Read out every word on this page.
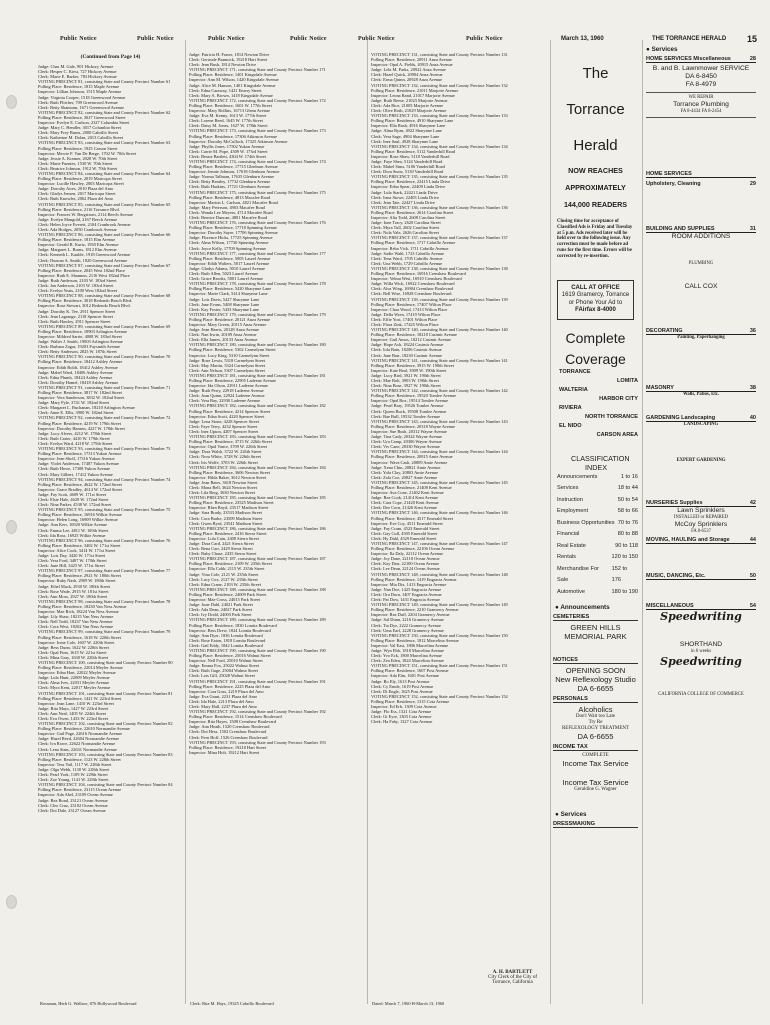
Public Notice	Public Notice	Public Notice	Public Notice	Public Notice	Public Notice	March 13, 1960	THE TORRANCE HERALD 15
(Continued from Page 14)
Judge: Chas M. Gale, 901 Hickory Avenue
Clerk: Hesper C. Kiest, 727 Hickory Avenue
Clerk: Marie E. Barker, 783 Hickory Avenue
VOTING PRECINCT 81, consisting State and County Precinct Number 61
Polling Place: Residence, 1815 Maple Avenue
Inspector: Lillian Johnson, 1515 Maple Avenue
Judge: Virginia Cooper, 1518 Greenwood Avenue
Clerk: Ruth Flitcher, 709 Greenwood Avenue
Clerk: Betty Shantonn, 1671 Greenwood Avenue
VOTING PRECINCT 82, consisting State and County Precinct Number 62
Polling Place: Residence, 3027 Greenwood Street
Inspector: Evelyn E. Carlson, 2327 Columbia Street
Judge: Mary C. Hendler, 3017 Columbia Street
Clerk: Mary Frey Burns, 2000 Cabrillo Street
Clerk: Katherine M. Dolan, 2013 Cabrillo Street
VOTING PRECINCT 83, consisting State and County Precinct Number 63
Polling Place: Residence, 1925 Carson Street
Inspector: Mercie F. Van De Berge, 1702 W. 70th Street
Judge: Jessie A. Kramer, 2028 W. 70th Street
Clerk: Marie Fuentes, 1530 W. 70th Street
Clerk: Beatrice Johnson, 1912 W. 70th Street
VOTING PRECINCT 84, consisting State and County Precinct Number 64
Polling Place: Residence, 2019 Maricopa Street
Inspector: Lucille Hawley, 2003 Maricopa Street
Judge: Dorothy Aires, 2010 Plaza del Amo
Clerk: Gladys Jensen, 2017 Maricopa Street
Clerk: Ruth Knowles, 2062 Plaza del Amo
VOTING PRECINCT 85, consisting State and County Precinct Number 65
Polling Place: Residence, 2116 Torrance Blvd.
Inspector: Frances W. Bergstrom, 2114 Beech Avenue
Judge: Evelyn Mangold, 2167 Beech Avenue
Clerk: Helen Joyce Everett, 2104 Cranbrook Avenue
Clerk: Ada Hodges, 2050 Cranbrook Avenue
VOTING PRECINCT 86, consisting State and County Precinct Number 66
Polling Place: Residence, 1815 Elm Avenue
Inspector: Gerald R. Kurtz, 1930 Elm Avenue
Judge: Margaret L. Burns, 1812 Elm Avenue
Clerk: Kenneth L. Kauble, 1918 Greenwood Avenue
Clerk: Duncan A. Smith, 1820 Greenwood Avenue
VOTING PRECINCT 87, consisting State and County Precinct Number 67
Polling Place: Residence, 2045 West 182nd Place
Inspector: Ruth E. Shannon, 2116 West 182nd Place
Judge: Ruth Anderson, 2103 W. 183rd Street
Clerk: Jan Anderson, 2103 W. 183rd Street
Clerk: Evelyn Yeats, 2100 West 182nd Street
VOTING PRECINCT 88, consisting State and County Precinct Number 68
Polling Place: Residence, 3018 Redondo Beach Blvd.
Inspector: Rose Stewart, 3012 Redondo Beach Blvd.
Judge: Dorothy K. Tee, 2911 Spencer Street
Clerk: Jean Lagrange, 2118 Spencer Street
Clerk: Ruth Hawley, 2911 Spencer Street
VOTING PRECINCT 89, consisting State and County Precinct Number 69
Polling Place: Residence, 18903 Arlington Avenue
Inspector: Mildred Sarrie, 4008 W. 183rd Street
Judge: Walter J. Smith, 19003 Arlington Avenue
Clerk: Barbara Zagar, 19203 Faysmith Avenue
Clerk: Betty Anderson, 2825 W. 187th Street
VOTING PRECINCT 90, consisting State and County Precinct Number 70
Polling Place: Residence, 18412 Ashley Avenue
Inspector: Edith Boldt, 18412 Ashley Avenue
Judge: Mabel Ward, 18406 Ashley Avenue
Clerk: Edna Plumb, 18424 Ashley Avenue
Clerk: Dorothy Hamel, 18418 Ashley Avenue
VOTING PRECINCT 91, consisting State and County Precinct Number 71
Polling Place: Residence, 3817 W. 182nd Street
Inspector: Vera Sanderson, 3832 W. 182nd Street
Judge: Mary Pyle, 3741 W. 182nd Street
Clerk: Margaret L. Buchanan, 18210 Arlington Avenue
Clerk: Anne E. Ellis, 3900 W. 182nd Street
VOTING PRECINCT 92, consisting State and County Precinct Number 72
Polling Place: Residence, 4219 W. 179th Street
Inspector: Dorothy Hansen, 4227 W. 178th Street
Judge: Lucy Alvers, 4212 W. 178th Street
Clerk: Ruth Carter, 4410 W. 179th Street
Clerk: Evelyn Ward, 4218 W. 179th Street
VOTING PRECINCT 93, consisting State and County Precinct Number 73
Polling Place: Residence, 17313 Yukon Avenue
Inspector: Jean Sholl, 17316 Yukon Avenue
Judge: Violet Anderson, 17407 Yukon Avenue
Clerk: Ruth Howe, 17308 Yukon Avenue
Clerk: Mary Gilbert, 17412 Yukon Avenue
VOTING PRECINCT 94, consisting State and County Precinct Number 74
Polling Place: Residence, 4622 W. 172nd Street
Inspector: Grace Bradley, 4614 W. 172nd Street
Judge: Fay Scott, 4609 W. 171st Street
Clerk: Elsie Hale, 4629 W. 172nd Street
Clerk: Nina Parker, 4538 W. 172nd Street
VOTING PRECINCT 95, consisting State and County Precinct Number 75
Polling Place: Residence, 16916 Wilkie Avenue
Inspector: Helen Long, 16909 Wilkie Avenue
Judge: Ann Kerr, 16920 Wilkie Avenue
Clerk: Emma Lee, 4811 W. 169th Street
Clerk: Ida Ross, 16925 Wilkie Avenue
VOTING PRECINCT 96, consisting State and County Precinct Number 76
Polling Place: Residence, 3402 W. 171st Street
Inspector: Alice Cook, 3414 W. 171st Street
Judge: Lois Day, 3420 W. 171st Street
Clerk: Vera Ford, 3407 W. 170th Street
Clerk: June Hill, 3425 W. 171st Street
VOTING PRECINCT 97, consisting State and County Precinct Number 77
Polling Place: Residence, 2921 W. 180th Street
Inspector: Ruby Nash, 2909 W. 180th Street
Judge: Ethel Mack, 2930 W. 180th Street
Clerk: Rose Wade, 2915 W. 181st Street
Clerk: Ann Moss, 2927 W. 180th Street
VOTING PRECINCT 98, consisting State and County Precinct Number 78
Polling Place: Residence, 18230 Van Ness Avenue
Inspector: Mae Rich, 18224 Van Ness Avenue
Judge: Lily Shaw, 18215 Van Ness Avenue
Clerk: Nell Todd, 18237 Van Ness Avenue
Clerk: Cora West, 18202 Van Ness Avenue
VOTING PRECINCT 99, consisting State and County Precinct Number 79
Polling Place: Residence, 1618 W. 220th Street
Inspector: Irene Cole, 1607 W. 220th Street
Judge: Bess Dunn, 1622 W. 220th Street
Clerk: Opal Finn, 1615 W. 221st Street
Clerk: Mina Gray, 1630 W. 220th Street
VOTING PRECINCT 100, consisting State and County Precinct Number 80
Polling Place: Residence, 22014 Meyler Avenue
Inspector: Edna Hart, 22022 Meyler Avenue
Judge: Lula Hunt, 22009 Meyler Avenue
Clerk: Alma Ives, 22031 Meyler Avenue
Clerk: Myra Kent, 22017 Meyler Avenue
VOTING PRECINCT 101, consisting State and County Precinct Number 81
Polling Place: Residence, 1421 W. 223rd Street
Inspector: Jean Lane, 1410 W. 223rd Street
Judge: Rita Mays, 1427 W. 223rd Street
Clerk: Ann Neal, 1405 W. 224th Street
Clerk: Eva Owen, 1433 W. 223rd Street
VOTING PRECINCT 102, consisting State and County Precinct Number 82
Polling Place: Residence, 22610 Normandie Avenue
Inspector: Gail Page, 22616 Normandie Avenue
Judge: Hazel Reed, 22604 Normandie Avenue
Clerk: Iva Rowe, 22622 Normandie Avenue
Clerk: Lena Sims, 22631 Normandie Avenue
VOTING PRECINCT 103, consisting State and County Precinct Number 83
Polling Place: Residence, 1123 W. 228th Street
Inspector: Tess Vail, 1117 W. 228th Street
Judge: Olga Webb, 1130 W. 228th Street
Clerk: Pearl York, 1109 W. 229th Street
Clerk: Zoe Young, 1141 W. 228th Street
VOTING PRECINCT 104, consisting State and County Precinct Number 84
Polling Place: Residence, 23115 Ocean Avenue
Inspector: Ada Abel, 23109 Ocean Avenue
Judge: Bea Bond, 23121 Ocean Avenue
Clerk: Cleo Cruz, 23102 Ocean Avenue
Clerk: Dot Dale, 23127 Ocean Avenue
Rossman, Herb G. Wallace, 876 Hollywood Boulevard
Judge: Patricia H. Fraser, 1814 Newton Drive
Clerk: Gertrude Brannick, 19218 Hart Street
Clerk: Jean Bush, 1814 Newton Drive
VOTING PRECINCT 171, consisting State and County Precinct Number 171
Polling Place: Residence, 1401 Kingsdale Avenue
Inspector: Ann M. Wilson, 1420 Kingsdale Avenue
Judge: Alice M. Hanson, 1401 Kingsdale Avenue
Clerk: Edna Caraway, 1421 Emery Street
Clerk: Mary A. Brown, 1418 Kingsdale Avenue
VOTING PRECINCT 172, consisting State and County Precinct Number 172
Polling Place: Residence, 1601 W. 177th Street
Inspector: Mary Rollins, 16713 Glenn Avenue
Judge: Eva M. Kenny, 1613 W. 177th Street
Clerk: Lorene Reed, 1645 W. 177th Street
Clerk: Daisy M. Jones, 1627 W. 178th Street
VOTING PRECINCT 173, consisting State and County Precinct Number 173
Polling Place: Residence, 17306 Atkinson Avenue
Inspector: Dorothy McCulloch, 17325 Atkinson Avenue
Judge: Phyllis Jones, 17502 Yukon Avenue
Clerk: Carrie M. Pope, 4309 W. 173rd Street
Clerk: Bessie Bartlett, 4304 W. 174th Street
VOTING PRECINCT 174, consisting State and County Precinct Number 174
Polling Place: Residence, 17715 Glenburn Avenue
Inspector: Jennie Johnson, 17618 Glenburn Avenue
Judge: Norma Tallman, 17635 Glenburn Avenue
Clerk: Betty Bentley, 17732 Glenburn Avenue
Clerk: Ruth Haskins, 17721 Glenburn Avenue
VOTING PRECINCT 175, consisting State and County Precinct Number 175
Polling Place: Residence, 4813 Macafee Road
Inspector: Marion L. Carlson, 4821 Macafee Road
Judge: Mary Peterson, 4903 Macafee Road
Clerk: Wanda Lee Meyers, 4714 Macafee Road
Clerk: Bernice Duncan, 4801 Macafee Road
VOTING PRECINCT 176, consisting State and County Precinct Number 176
Polling Place: Residence, 17718 Spinning Avenue
Inspector: Dorothy Sayre, 17706 Spinning Avenue
Judge: Florence Hicks, 17725 Spinning Avenue
Clerk: Alma Wilson, 17730 Spinning Avenue
Clerk: Joyce Kelly, 17709 Spinning Avenue
VOTING PRECINCT 177, consisting State and County Precinct Number 177
Polling Place: Residence, 5005 Laurel Avenue
Inspector: Edith Walters, 5017 Laurel Avenue
Judge: Gladys Adams, 5010 Laurel Avenue
Clerk: Ruth Allen, 5023 Laurel Avenue
Clerk: Grace Brooks, 5001 Laurel Avenue
VOTING PRECINCT 178, consisting State and County Precinct Number 178
Polling Place: Residence, 5420 Sharynne Lane
Inspector: Marie Clark, 5414 Sharynne Lane
Judge: Lois Davis, 5427 Sharynne Lane
Clerk: Jane Evans, 5408 Sharynne Lane
Clerk: Kay Foster, 5433 Sharynne Lane
VOTING PRECINCT 179, consisting State and County Precinct Number 179
Polling Place: Residence, 20121 Anza Avenue
Inspector: Mary Green, 20115 Anza Avenue
Judge: Jean Harris, 20128 Anza Avenue
Clerk: Nan Irwin, 20109 Anza Avenue
Clerk: Ella James, 20133 Anza Avenue
VOTING PRECINCT 180, consisting State and County Precinct Number 180
Polling Place: Residence, 5302 Carmelynn Street
Inspector: Lucy King, 5310 Carmelynn Street
Judge: Rose Lewis, 5318 Carmelynn Street
Clerk: May Martin, 5324 Carmelynn Street
Clerk: Ann Nelson, 5307 Carmelynn Street
VOTING PRECINCT 181, consisting State and County Precinct Number 181
Polling Place: Residence, 22905 Ladeene Avenue
Inspector: Ida Olson, 22911 Ladeene Avenue
Judge: Ruth Perry, 22918 Ladeene Avenue
Clerk: Joan Quinn, 22924 Ladeene Avenue
Clerk: Vera Ray, 22930 Ladeene Avenue
VOTING PRECINCT 182, consisting State and County Precinct Number 182
Polling Place: Residence, 4214 Spencer Street
Inspector: Edna Scott, 4220 Spencer Street
Judge: Lena Stone, 4228 Spencer Street
Clerk: Faye Terry, 4232 Spencer Street
Clerk: Inez Upton, 4207 Spencer Street
VOTING PRECINCT 183, consisting State and County Precinct Number 183
Polling Place: Residence, 3715 W. 226th Street
Inspector: Opal Vance, 3709 W. 226th Street
Judge: Dora Walsh, 3722 W. 226th Street
Clerk: Nora White, 3728 W. 226th Street
Clerk: Iris Wolfe, 3703 W. 226th Street
VOTING PRECINCT 184, consisting State and County Precinct Number 184
Polling Place: Residence, 3606 Newton Street
Inspector: Hilda Baker, 3612 Newton Street
Judge: Jean Bates, 3618 Newton Street
Clerk: Mona Bell, 3624 Newton Street
Clerk: Lila Berg, 3630 Newton Street
VOTING PRECINCT 185, consisting State and County Precinct Number 185
Polling Place: Residence, 23525 Madison Street
Inspector: Rhea Boyd, 23517 Madison Street
Judge: Sara Brady, 23533 Madison Street
Clerk: Cora Burke, 23509 Madison Street
Clerk: Gwen Byrd, 23541 Madison Street
VOTING PRECINCT 186, consisting State and County Precinct Number 186
Polling Place: Residence, 2416 Sierra Street
Inspector: Lola Cain, 2408 Sierra Street
Judge: Dora Card, 2421 Sierra Street
Clerk: Rena Carr, 2429 Sierra Street
Clerk: Ruby Chase, 2435 Sierra Street
VOTING PRECINCT 187, consisting State and County Precinct Number 187
Polling Place: Residence, 2109 W. 235th Street
Inspector: Ella Cobb, 2115 W. 235th Street
Judge: Vina Cole, 2121 W. 235th Street
Clerk: Lucy Cox, 2127 W. 235th Street
Clerk: Edna Crane, 2103 W. 235th Street
VOTING PRECINCT 188, consisting State and County Precinct Number 188
Polling Place: Residence, 24009 Park Street
Inspector: Mae Cross, 24015 Park Street
Judge: June Dahl, 24021 Park Street
Clerk: Ada Dean, 24027 Park Street
Clerk: Ivy Dodd, 24003 Park Street
VOTING PRECINCT 189, consisting State and County Precinct Number 189
Polling Place: Residence, 1830 Lomita Boulevard
Inspector: Bess Drew, 1824 Lomita Boulevard
Judge: Ann Dyer, 1836 Lomita Boulevard
Clerk: Rose Eaton, 1818 Lomita Boulevard
Clerk: Gail Eddy, 1842 Lomita Boulevard
VOTING PRECINCT 190, consisting State and County Precinct Number 190
Polling Place: Residence, 25016 Walnut Street
Inspector: Nell Ford, 25010 Walnut Street
Judge: Emma Fox, 25022 Walnut Street
Clerk: Ruth Gage, 25004 Walnut Street
Clerk: Lois Gill, 25028 Walnut Street
VOTING PRECINCT 191, consisting State and County Precinct Number 191
Polling Place: Residence, 2225 Plaza del Amo
Inspector: Cora Goss, 2219 Plaza del Amo
Judge: Eva Grant, 2231 Plaza del Amo
Clerk: Ida Hale, 2213 Plaza del Amo
Clerk: Mary Hall, 2237 Plaza del Amo
VOTING PRECINCT 192, consisting State and County Precinct Number 192
Polling Place: Residence, 1514 Crenshaw Boulevard
Inspector: Rita Hayes, 1508 Crenshaw Boulevard
Judge: Ann Heath, 1520 Crenshaw Boulevard
Clerk: Dot Hess, 1502 Crenshaw Boulevard
Clerk: Fern Hoff, 1526 Crenshaw Boulevard
VOTING PRECINCT 193, consisting State and County Precinct Number 193
Polling Place: Residence, 19218 Hart Street
Inspector: Mina Holt, 19212 Hart Street
Clerk: Rita M. Hays, 19325 Cabrillo Boulevard
VOTING PRECINCT 131, consisting State and County Precinct Number 131
Polling Place: Residence, 20911 Anza Avenue
Inspector: Opal A. Fields, 20915 Anza Avenue
Judge: Lela M. Parks, 20922 Anza Avenue
Clerk: Hazel Quick, 20904 Anza Avenue
Clerk: Erma Quinn, 20928 Anza Avenue
VOTING PRECINCT 132, consisting State and County Precinct Number 132
Polling Place: Residence, 21011 Marjorie Avenue
Inspector: Leona Rand, 21017 Marjorie Avenue
Judge: Ruth Reese, 21023 Marjorie Avenue
Clerk: Ada Rice, 21005 Marjorie Avenue
Clerk: Olive Roth, 21029 Marjorie Avenue
VOTING PRECINCT 133, consisting State and County Precinct Number 133
Polling Place: Residence, 4910 Sharynne Lane
Inspector: Ella Rush, 4916 Sharynne Lane
Judge: Alma Ryan, 4922 Sharynne Lane
Clerk: Vera Sage, 4904 Sharynne Lane
Clerk: Inez Saul, 4928 Sharynne Lane
VOTING PRECINCT 134, consisting State and County Precinct Number 134
Polling Place: Residence, 5112 Vanderhill Road
Inspector: Rose Shaw, 5118 Vanderhill Road
Judge: Faye Shea, 5124 Vanderhill Road
Clerk: Mabel Sims, 5106 Vanderhill Road
Clerk: Dora Snow, 5130 Vanderhill Road
VOTING PRECINCT 135, consisting State and County Precinct Number 135
Polling Place: Residence, 22415 Linda Drive
Inspector: Edna Spear, 22409 Linda Drive
Judge: Lula Stark, 22421 Linda Drive
Clerk: Irma Stowe, 22403 Linda Drive
Clerk: Jean Tate, 22427 Linda Drive
VOTING PRECINCT 136, consisting State and County Precinct Number 136
Polling Place: Residence, 2614 Carolina Street
Inspector: Alta Todd, 2608 Carolina Street
Judge: Ione Tracy, 2620 Carolina Street
Clerk: Myra Tull, 2602 Carolina Street
Clerk: Nola Vale, 2626 Carolina Street
VOTING PRECINCT 137, consisting State and County Precinct Number 137
Polling Place: Residence, 1717 Cabrillo Avenue
Inspector: Reba Vick, 1711 Cabrillo Avenue
Judge: Sadie Wahl, 1723 Cabrillo Avenue
Clerk: Tena Ward, 1705 Cabrillo Avenue
Clerk: Una Webb, 1729 Cabrillo Avenue
VOTING PRECINCT 138, consisting State and County Precinct Number 138
Polling Place: Residence, 16916 Crenshaw Boulevard
Inspector: Velma West, 16910 Crenshaw Boulevard
Judge: Willa Wick, 16922 Crenshaw Boulevard
Clerk: Alva Wing, 16904 Crenshaw Boulevard
Clerk: Bell Wise, 16928 Crenshaw Boulevard
VOTING PRECINCT 139, consisting State and County Precinct Number 139
Polling Place: Residence, 17407 Wilton Place
Inspector: Clara Wood, 17413 Wilton Place
Judge: Della Wren, 17419 Wilton Place
Clerk: Effie Yost, 17401 Wilton Place
Clerk: Flora Zink, 17425 Wilton Place
VOTING PRECINCT 140, consisting State and County Precinct Number 140
Polling Place: Residence, 18218 Casimir Avenue
Inspector: Gail Amos, 18212 Casimir Avenue
Judge: Hope Ash, 18224 Casimir Avenue
Clerk: Iola Bain, 18206 Casimir Avenue
Clerk: Jane Barr, 18230 Casimir Avenue
VOTING PRECINCT 141, consisting State and County Precinct Number 141
Polling Place: Residence, 3915 W. 190th Street
Inspector: Kate Beal, 3909 W. 190th Street
Judge: Lucy Bird, 3921 W. 190th Street
Clerk: Mae Bolt, 3903 W. 190th Street
Clerk: Nina Bose, 3927 W. 190th Street
VOTING PRECINCT 142, consisting State and County Precinct Number 142
Polling Place: Residence, 19520 Tomlee Avenue
Inspector: Opal Box, 19514 Tomlee Avenue
Judge: Pearl Bray, 19526 Tomlee Avenue
Clerk: Queen Buck, 19508 Tomlee Avenue
Clerk: Rae Bull, 19532 Tomlee Avenue
VOTING PRECINCT 143, consisting State and County Precinct Number 143
Polling Place: Residence, 20318 Wayne Avenue
Inspector: Sue Bush, 20312 Wayne Avenue
Judge: Tina Cady, 20324 Wayne Avenue
Clerk: Ura Camp, 20306 Wayne Avenue
Clerk: Viv Cane, 20330 Wayne Avenue
VOTING PRECINCT 144, consisting State and County Precinct Number 144
Polling Place: Residence, 20815 Amie Avenue
Inspector: Wava Cash, 20809 Amie Avenue
Judge: Xena Chin, 20821 Amie Avenue
Clerk: Yola Clay, 20803 Amie Avenue
Clerk: Zola Coe, 20827 Amie Avenue
VOTING PRECINCT 145, consisting State and County Precinct Number 145
Polling Place: Residence, 21408 Kent Avenue
Inspector: Ava Cone, 21402 Kent Avenue
Judge: Bea Cook, 21414 Kent Avenue
Clerk: Cara Cope, 21420 Kent Avenue
Clerk: Dee Corn, 21426 Kent Avenue
VOTING PRECINCT 146, consisting State and County Precinct Number 146
Polling Place: Residence, 4517 Emerald Street
Inspector: Eve Coy, 4511 Emerald Street
Judge: Fay Crum, 4523 Emerald Street
Clerk: Gay Cull, 4505 Emerald Street
Clerk: Hy Dahl, 4529 Emerald Street
VOTING PRECINCT 147, consisting State and County Precinct Number 147
Polling Place: Residence, 22106 Ocean Avenue
Inspector: Ila Daly, 22112 Ocean Avenue
Judge: Joy Dane, 22118 Ocean Avenue
Clerk: Kay Darr, 22100 Ocean Avenue
Clerk: Lee Dean, 22124 Ocean Avenue
VOTING PRECINCT 148, consisting State and County Precinct Number 148
Polling Place: Residence, 1419 Engracia Avenue
Inspector: Mia Dix, 1413 Engracia Avenue
Judge: Nan Doe, 1425 Engracia Avenue
Clerk: Ora Dorn, 1407 Engracia Avenue
Clerk: Pat Dow, 1431 Engracia Avenue
VOTING PRECINCT 149, consisting State and County Precinct Number 149
Polling Place: Residence, 2210 Gramercy Avenue
Inspector: Rea Duff, 2204 Gramercy Avenue
Judge: Sal Dunn, 2216 Gramercy Avenue
Clerk: Tia Dye, 2222 Gramercy Avenue
Clerk: Uma Earl, 2228 Gramercy Avenue
VOTING PRECINCT 150, consisting State and County Precinct Number 150
Polling Place: Residence, 1812 Marcelina Avenue
Inspector: Val East, 1806 Marcelina Avenue
Judge: Wyn Ebb, 1818 Marcelina Avenue
Clerk: Yvo Eck, 1800 Marcelina Avenue
Clerk: Zea Eden, 1824 Marcelina Avenue
VOTING PRECINCT 151, consisting State and County Precinct Number 151
Polling Place: Residence, 1607 Post Avenue
Inspector: Ada Elm, 1601 Post Avenue
Judge: Bo Ely, 1613 Post Avenue
Clerk: Cy Emde, 1619 Post Avenue
Clerk: Di Engle, 1625 Post Avenue
VOTING PRECINCT 152, consisting State and County Precinct Number 152
Polling Place: Residence, 1315 Cota Avenue
Inspector: Ed Erb, 1309 Cota Avenue
Judge: Flo Ess, 1321 Cota Avenue
Clerk: Gi Eyre, 1303 Cota Avenue
Clerk: Ha Fahy, 1327 Cota Avenue
A. H. BARTLETT
City Clerk of the City of Torrance, California
Dated: March 7, 1960 H-March 13, 1960
The
Torrance
Herald
NOW REACHES
APPROXIMATELY
144,000 READERS
Closing time for acceptance of Classified Ads is Friday and Tuesday at 5 p.m. Ads received later will be held over to the following issue. Any correction must be made before ad runs for the first time. Errors will be corrected by re-insertion.
CALL AT OFFICE
1619 Gramercy, Torrance
or Phone Your Ad to
FAirfax 8-4000
Complete
Coverage
TORRANCE
LOMITA
WALTERIA
HARBOR CITY
RIVIERA
NORTH TORRANCE
EL NIDO
CARSON AREA
CLASSIFICATION INDEX
Announcements	1 to 16
Services	18 to 44
Instruction	50 to 54
Employment	58 to 66
Business Opportunities 70 to 76
Financial	80 to 88
Real Estate	90 to 118
Rentals	120 to 150
Merchandise For Sale
152 to 176
Automotive	180 to 190
● Announcements
CEMETERIES
GREEN HILLS MEMORIAL PARK
NOTICES
OPENING SOON
New Reflexology Studio
DA 6-6655
PERSONALS
Alcoholics
Don't Wait too Late
Try Re
REFLEXOLOGY TREATMENT
DA 6-6655
INCOME TAX
COMPLETE
Income Tax Service
Income Tax Service
Geraldine G. Wagner
● Services
DRESSMAKING
● Services
HOME SERVICES Miscellaneous	28
B. and B. Lawnmower SERVICE
DA 6-8450
FA 8-4979
WE REPAIR
Torrance Plumbing
FA 8-4434 FA 8-2454
HOME SERVICES
Upholstery, Cleaning	29
BUILDING AND SUPPLIES	31
ROOM ADDITIONS
PLUMBING
CALL COX
DECORATING	36
Painting, Paperhanging
MASONRY	38
Walls, Patios, Etc.
GARDENING Landscaping	40
LANDSCAPING
EXPERT GARDENING
NURSERIES Supplies	42
Lawn Sprinklers
INSTALLED or REPAIRED
McCoy Sprinklers
FA 8-6537
MOVING, HAULING and Storage	44
MUSIC, DANCING, Etc.	50
MISCELLANEOUS	54
Speedwriting
SHORTHAND
in 6 weeks
Speedwriting
CALIFORNIA COLLEGE OF COMMERCE
